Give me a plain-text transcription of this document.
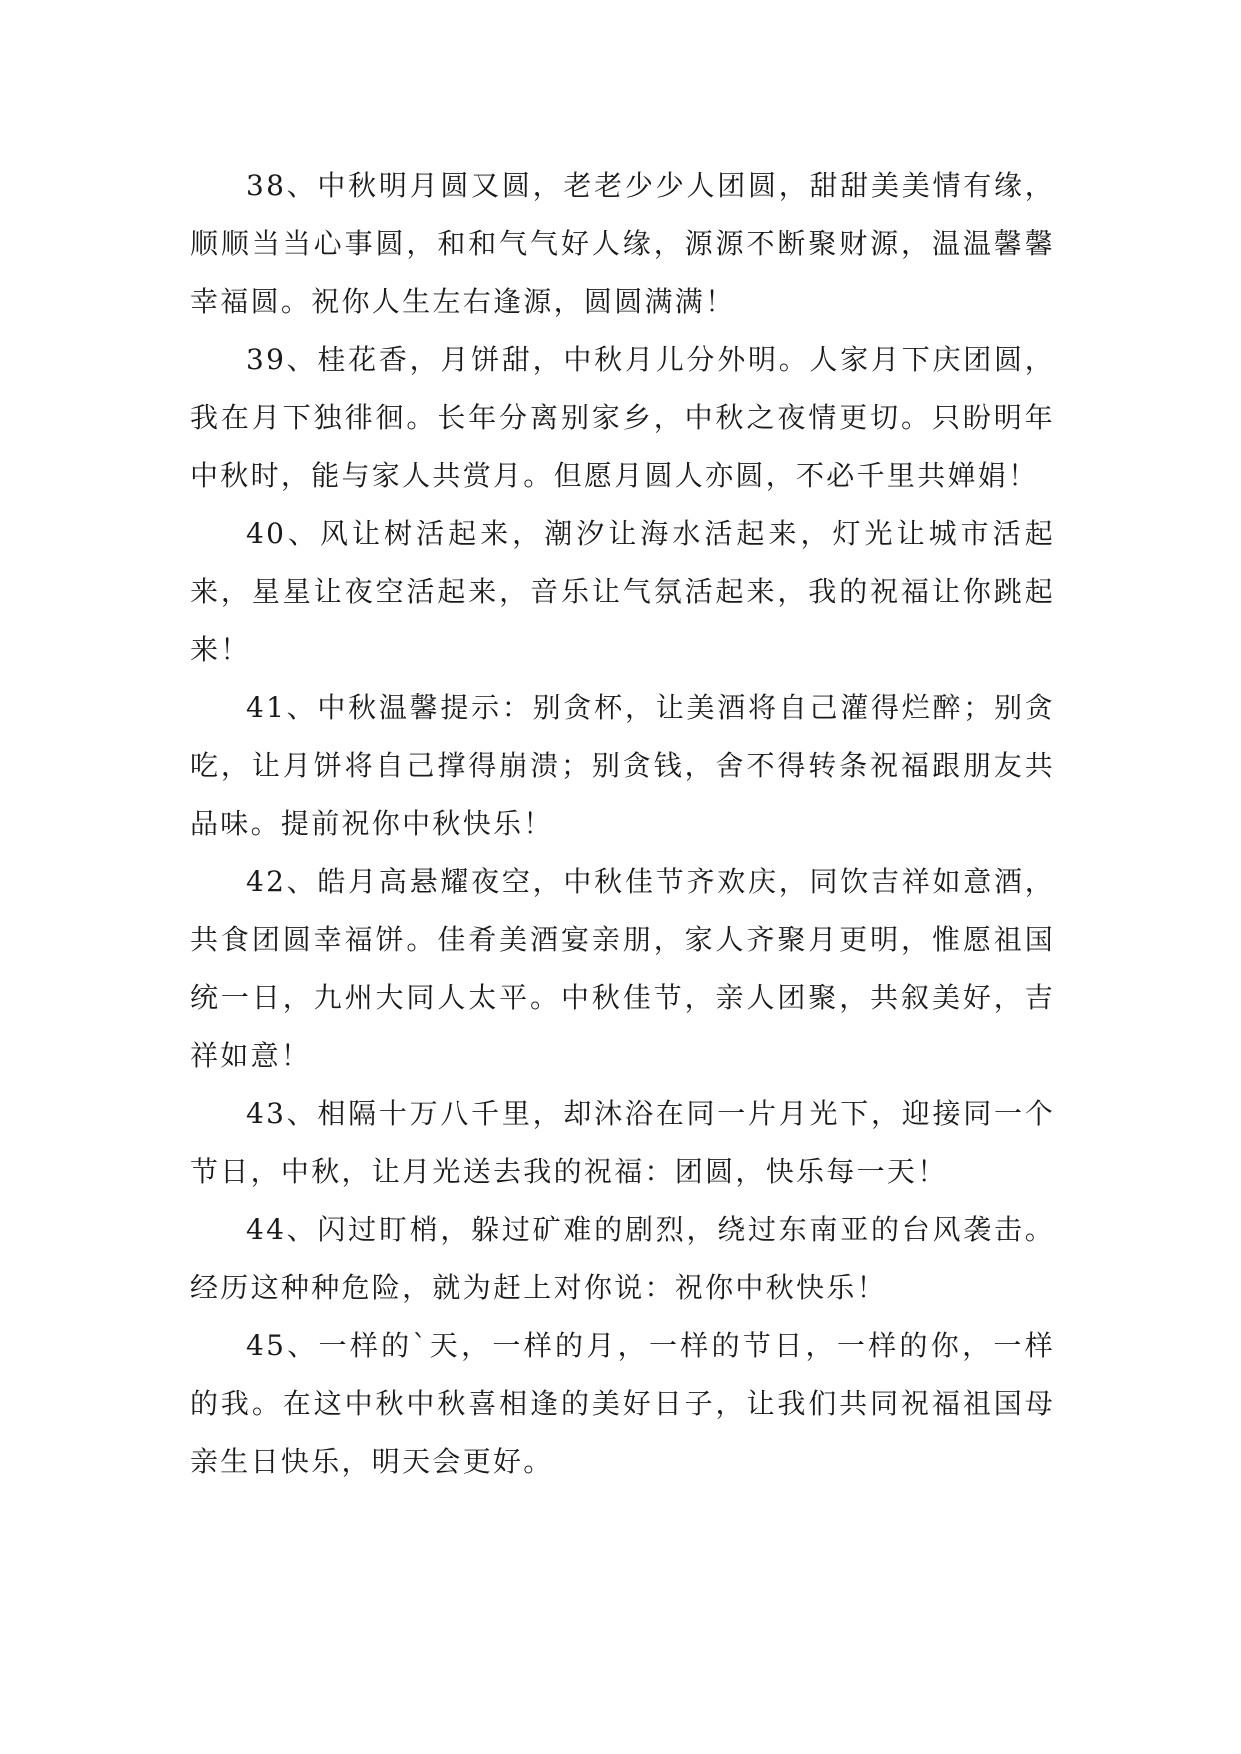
38、中秋明月圆又圆，老老少少人团圆，甜甜美美情有缘，顺顺当当心事圆，和和气气好人缘，源源不断聚财源，温温馨馨幸福圆。祝你人生左右逢源，圆圆满满！

39、桂花香，月饼甜，中秋月儿分外明。人家月下庆团圆，我在月下独徘徊。长年分离别家乡，中秋之夜情更切。只盼明年中秋时，能与家人共赏月。但愿月圆人亦圆，不必千里共婵娟！

40、风让树活起来，潮汐让海水活起来，灯光让城市活起来，星星让夜空活起来，音乐让气氛活起来，我的祝福让你跳起来！

41、中秋温馨提示：别贪杯，让美酒将自己灌得烂醉；别贪吃，让月饼将自己撑得崩溃；别贪钱，舍不得转条祝福跟朋友共品味。提前祝你中秋快乐！

42、皓月高悬耀夜空，中秋佳节齐欢庆，同饮吉祥如意酒，共食团圆幸福饼。佳肴美酒宴亲朋，家人齐聚月更明，惟愿祖国统一日，九州大同人太平。中秋佳节，亲人团聚，共叙美好，吉祥如意！

43、相隔十万八千里，却沐浴在同一片月光下，迎接同一个节日，中秋，让月光送去我的祝福：团圆，快乐每一天！

44、闪过盯梢，躲过矿难的剧烈，绕过东南亚的台风袭击。经历这种种危险，就为赶上对你说：祝你中秋快乐！

45、一样的`天，一样的月，一样的节日，一样的你，一样的我。在这中秋中秋喜相逢的美好日子，让我们共同祝福祖国母亲生日快乐，明天会更好。
